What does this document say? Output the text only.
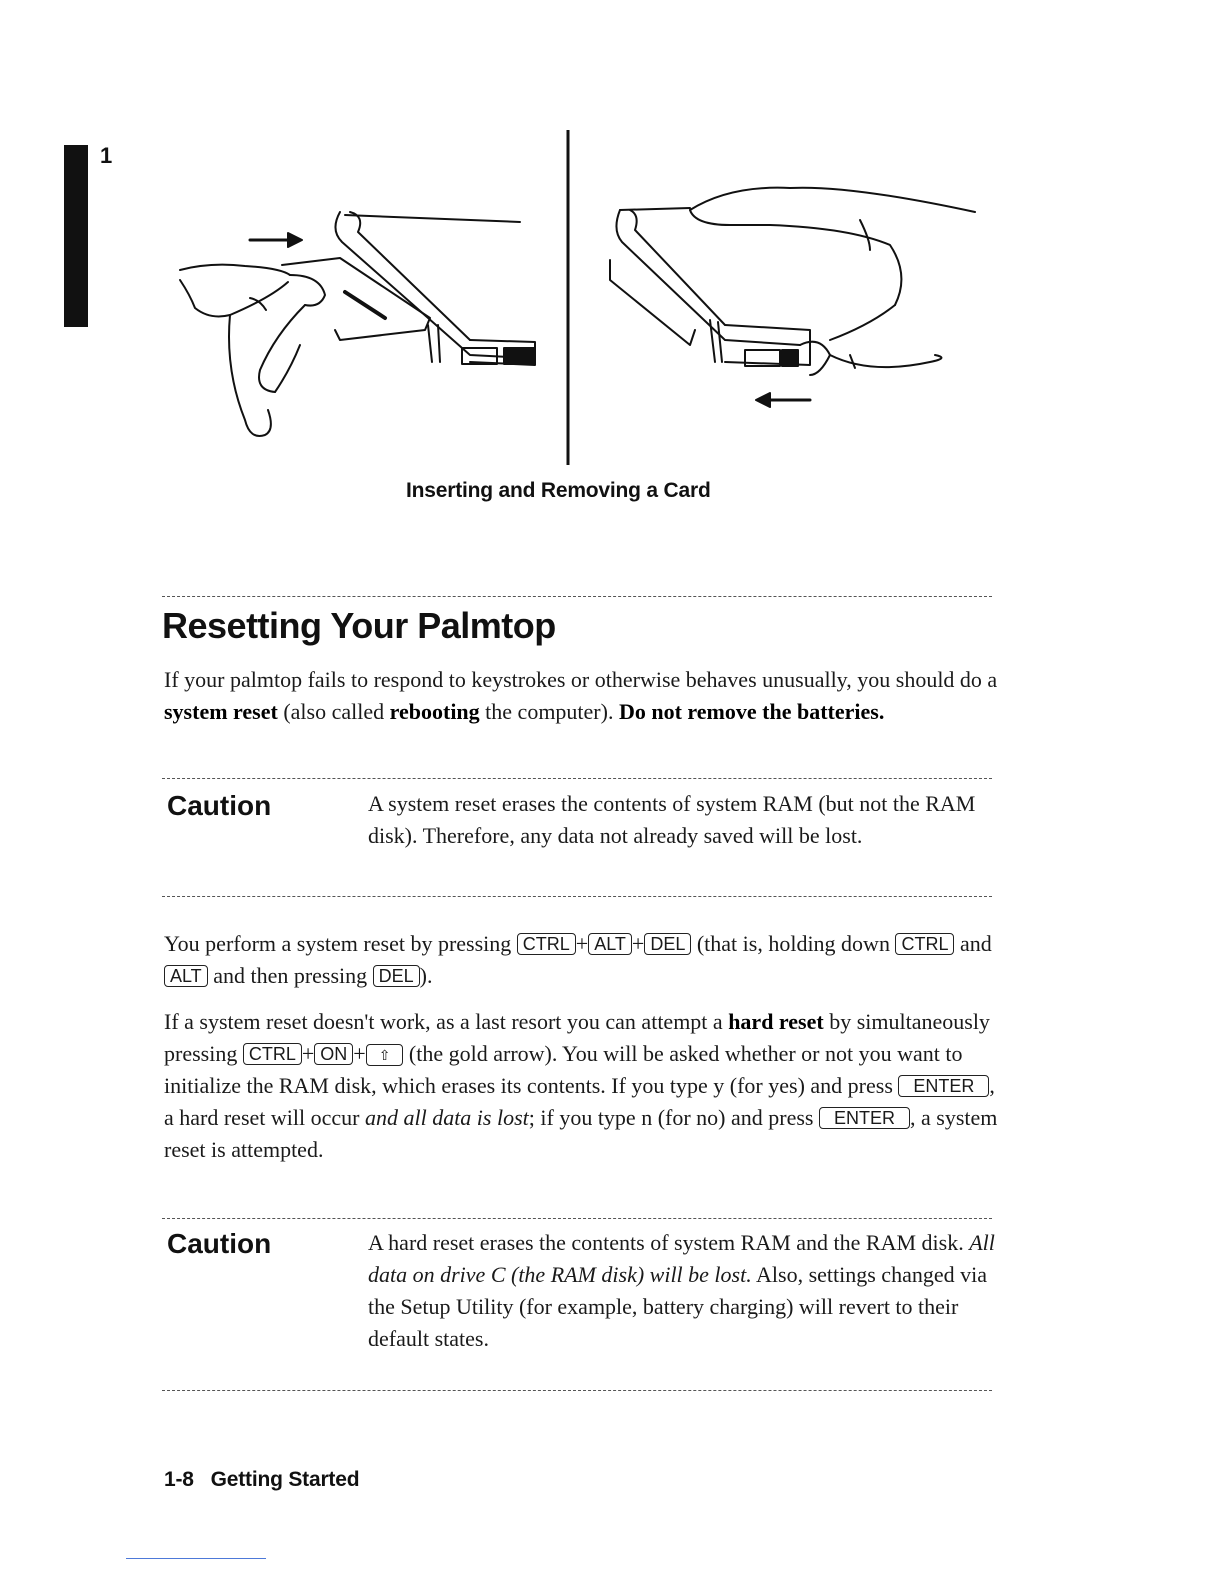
1
Inserting and Removing a Card
Resetting Your Palmtop

If your palmtop fails to respond to keystrokes or otherwise behaves unusually, you should do a system reset (also called rebooting the computer). Do not remove the batteries.

Caution	A system reset erases the contents of system RAM (but not the RAM disk). Therefore, any data not already saved will be lost.

You perform a system reset by pressing CTRL + ALT + DEL (that is, holding down CTRL and ALT and then pressing DEL ).

If a system reset doesn't work, as a last resort you can attempt a hard reset by simultaneously pressing CTRL + ON + ⇧ (the gold arrow). You will be asked whether or not you want to initialize the RAM disk, which erases its contents. If you type y (for yes) and press ENTER , a hard reset will occur and all data is lost; if you type n (for no) and press ENTER , a system reset is attempted.

Caution	A hard reset erases the contents of system RAM and the RAM disk. All data on drive C (the RAM disk) will be lost. Also, settings changed via the Setup Utility (for example, battery charging) will revert to their default states.

1-8   Getting Started
